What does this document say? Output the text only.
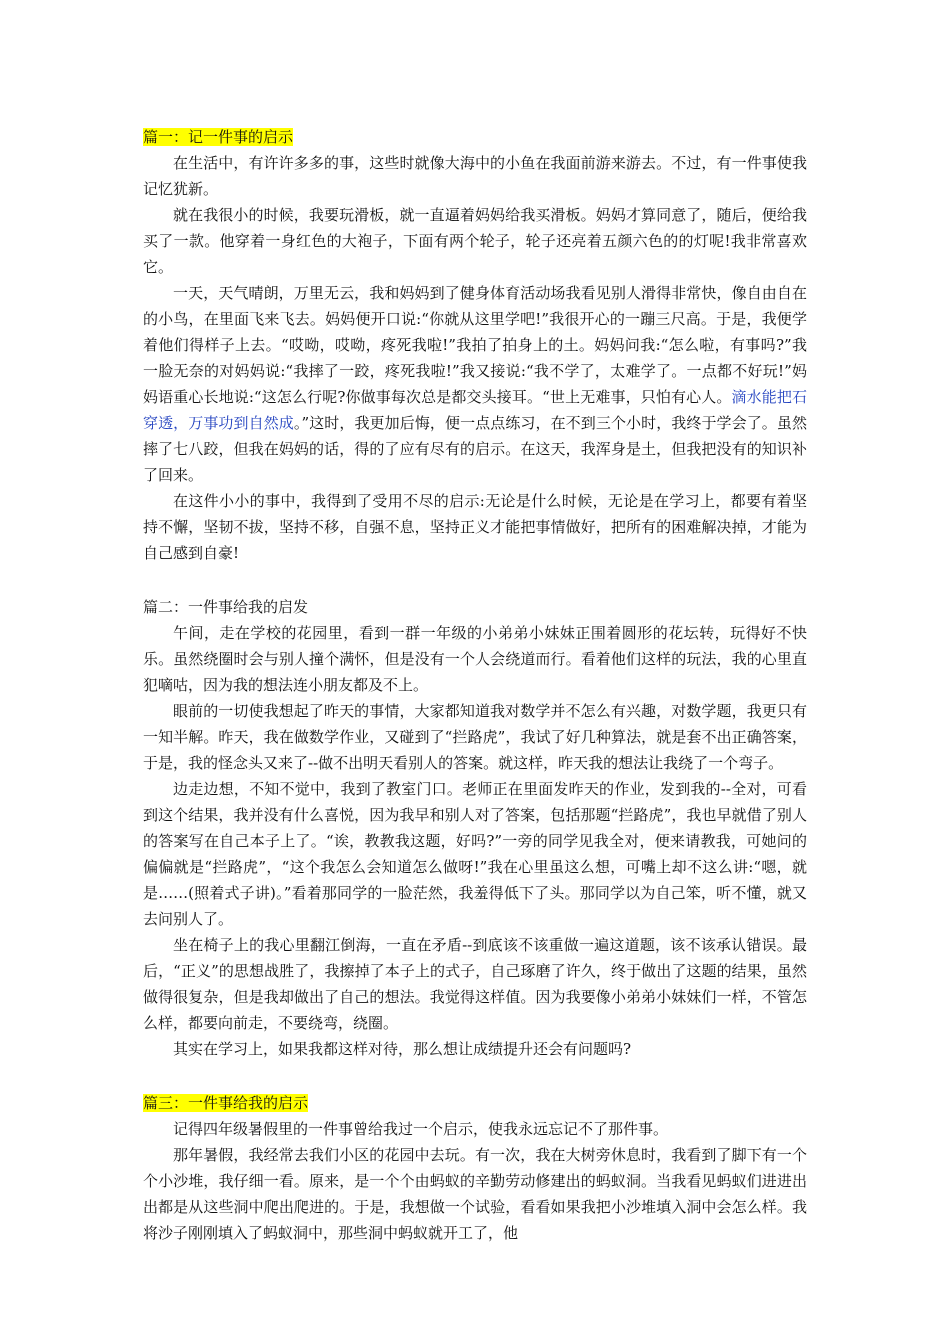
篇一：记一件事的启示

在生活中，有许许多多的事，这些时就像大海中的小鱼在我面前游来游去。不过，有一件事使我记忆犹新。

就在我很小的时候，我要玩滑板，就一直逼着妈妈给我买滑板。妈妈才算同意了，随后，便给我买了一款。他穿着一身红色的大袍子，下面有两个轮子，轮子还亮着五颜六色的的灯呢!我非常喜欢它。

一天，天气晴朗，万里无云，我和妈妈到了健身体育活动场我看见别人滑得非常快，像自由自在的小鸟，在里面飞来飞去。妈妈便开口说:“你就从这里学吧!”我很开心的一蹦三尺高。于是，我便学着他们得样子上去。“哎呦，哎呦，疼死我啦!”我拍了拍身上的土。妈妈问我:“怎么啦，有事吗?”我一脸无奈的对妈妈说:“我摔了一跤，疼死我啦!”我又接说:“我不学了，太难学了。一点都不好玩!”妈妈语重心长地说:“这怎么行呢?你做事每次总是都交头接耳。“世上无难事，只怕有心人。滴水能把石穿透，万事功到自然成。”这时，我更加后悔，便一点点练习，在不到三个小时，我终于学会了。虽然摔了七八跤，但我在妈妈的话，得的了应有尽有的启示。在这天，我浑身是土，但我把没有的知识补了回来。

在这件小小的事中，我得到了受用不尽的启示:无论是什么时候，无论是在学习上，都要有着坚持不懈，坚韧不拔，坚持不移，自强不息，坚持正义才能把事情做好，把所有的困难解决掉，才能为自己感到自豪!

篇二：一件事给我的启发

午间，走在学校的花园里，看到一群一年级的小弟弟小妹妹正围着圆形的花坛转，玩得好不快乐。虽然绕圈时会与别人撞个满怀，但是没有一个人会绕道而行。看着他们这样的玩法，我的心里直犯嘀咕，因为我的想法连小朋友都及不上。

眼前的一切使我想起了昨天的事情，大家都知道我对数学并不怎么有兴趣，对数学题，我更只有一知半解。昨天，我在做数学作业，又碰到了“拦路虎”，我试了好几种算法，就是套不出正确答案，于是，我的怪念头又来了--做不出明天看别人的答案。就这样，昨天我的想法让我绕了一个弯子。

边走边想，不知不觉中，我到了教室门口。老师正在里面发昨天的作业，发到我的--全对，可看到这个结果，我并没有什么喜悦，因为我早和别人对了答案，包括那题“拦路虎”，我也早就借了别人的答案写在自己本子上了。“诶，教教我这题，好吗?”一旁的同学见我全对，便来请教我，可她问的偏偏就是“拦路虎”，“这个我怎么会知道怎么做呀!”我在心里虽这么想，可嘴上却不这么讲:“嗯，就是……(照着式子讲)。”看着那同学的一脸茫然，我羞得低下了头。那同学以为自己笨，听不懂，就又去问别人了。

坐在椅子上的我心里翻江倒海，一直在矛盾--到底该不该重做一遍这道题，该不该承认错误。最后，“正义”的思想战胜了，我擦掉了本子上的式子，自己琢磨了许久，终于做出了这题的结果，虽然做得很复杂，但是我却做出了自己的想法。我觉得这样值。因为我要像小弟弟小妹妹们一样，不管怎么样，都要向前走，不要绕弯，绕圈。

其实在学习上，如果我都这样对待，那么想让成绩提升还会有问题吗?

篇三：一件事给我的启示

记得四年级暑假里的一件事曾给我过一个启示，使我永远忘记不了那件事。

那年暑假，我经常去我们小区的花园中去玩。有一次，我在大树旁休息时，我看到了脚下有一个个小沙堆，我仔细一看。原来，是一个个由蚂蚁的辛勤劳动修建出的蚂蚁洞。当我看见蚂蚁们进进出出都是从这些洞中爬出爬进的。于是，我想做一个试验，看看如果我把小沙堆填入洞中会怎么样。我将沙子刚刚填入了蚂蚁洞中，那些洞中蚂蚁就开工了，他
